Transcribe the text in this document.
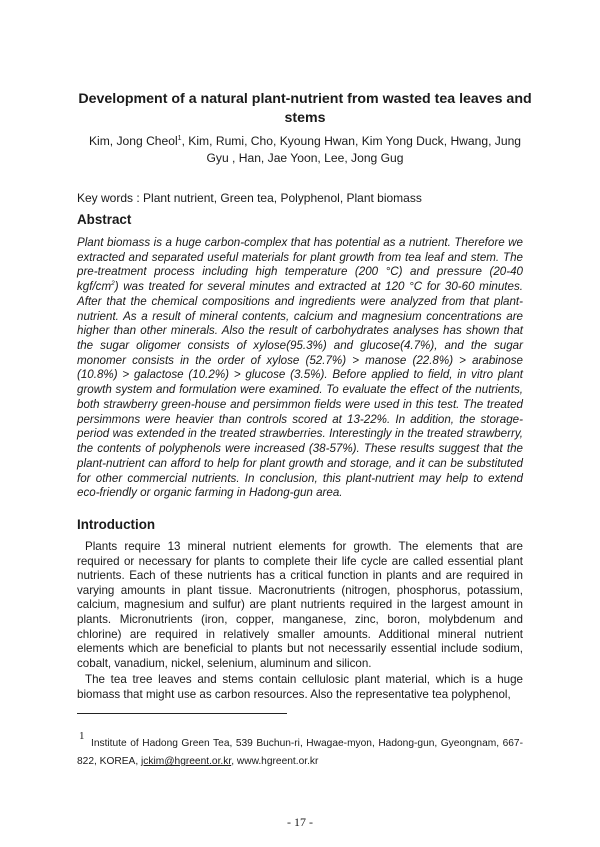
Development of a natural plant-nutrient from wasted tea leaves and stems
Kim, Jong Cheol$^1$, Kim, Rumi, Cho, Kyoung Hwan, Kim Yong Duck, Hwang, Jung Gyu , Han, Jae Yoon, Lee, Jong Gug
Key words : Plant nutrient, Green tea, Polyphenol, Plant biomass
Abstract
Plant biomass is a huge carbon-complex that has potential as a nutrient. Therefore we extracted and separated useful materials for plant growth from tea leaf and stem. The pre-treatment process including high temperature (200 °C) and pressure (20-40 kgf/$cm^2$) was treated for several minutes and extracted at 120 °C for 30-60 minutes. After that the chemical compositions and ingredients were analyzed from that plant-nutrient. As a result of mineral contents, calcium and magnesium concentrations are higher than other minerals. Also the result of carbohydrates analyses has shown that the sugar oligomer consists of xylose(95.3%) and glucose(4.7%), and the sugar monomer consists in the order of xylose (52.7%) > manose (22.8%) > arabinose (10.8%) > galactose (10.2%) > glucose (3.5%). Before applied to field, in vitro plant growth system and formulation were examined. To evaluate the effect of the nutrients, both strawberry green-house and persimmon fields were used in this test. The treated persimmons were heavier than controls scored at 13-22%. In addition, the storage-period was extended in the treated strawberries. Interestingly in the treated strawberry, the contents of polyphenols were increased (38-57%). These results suggest that the plant-nutrient can afford to help for plant growth and storage, and it can be substituted for other commercial nutrients. In conclusion, this plant-nutrient may help to extend eco-friendly or organic farming in Hadong-gun area.
Introduction
Plants require 13 mineral nutrient elements for growth. The elements that are required or necessary for plants to complete their life cycle are called essential plant nutrients. Each of these nutrients has a critical function in plants and are required in varying amounts in plant tissue. Macronutrients (nitrogen, phosphorus, potassium, calcium, magnesium and sulfur) are plant nutrients required in the largest amount in plants. Micronutrients (iron, copper, manganese, zinc, boron, molybdenum and chlorine) are required in relatively smaller amounts. Additional mineral nutrient elements which are beneficial to plants but not necessarily essential include sodium, cobalt, vanadium, nickel, selenium, aluminum and silicon.
The tea tree leaves and stems contain cellulosic plant material, which is a huge biomass that might use as carbon resources. Also the representative tea polyphenol,
1
Institute of Hadong Green Tea, 539 Buchun-ri, Hwagae-myon, Hadong-gun, Gyeongnam, 667-822, KOREA, jckim@hgreent.or.kr, www.hgreent.or.kr
- 17 -
